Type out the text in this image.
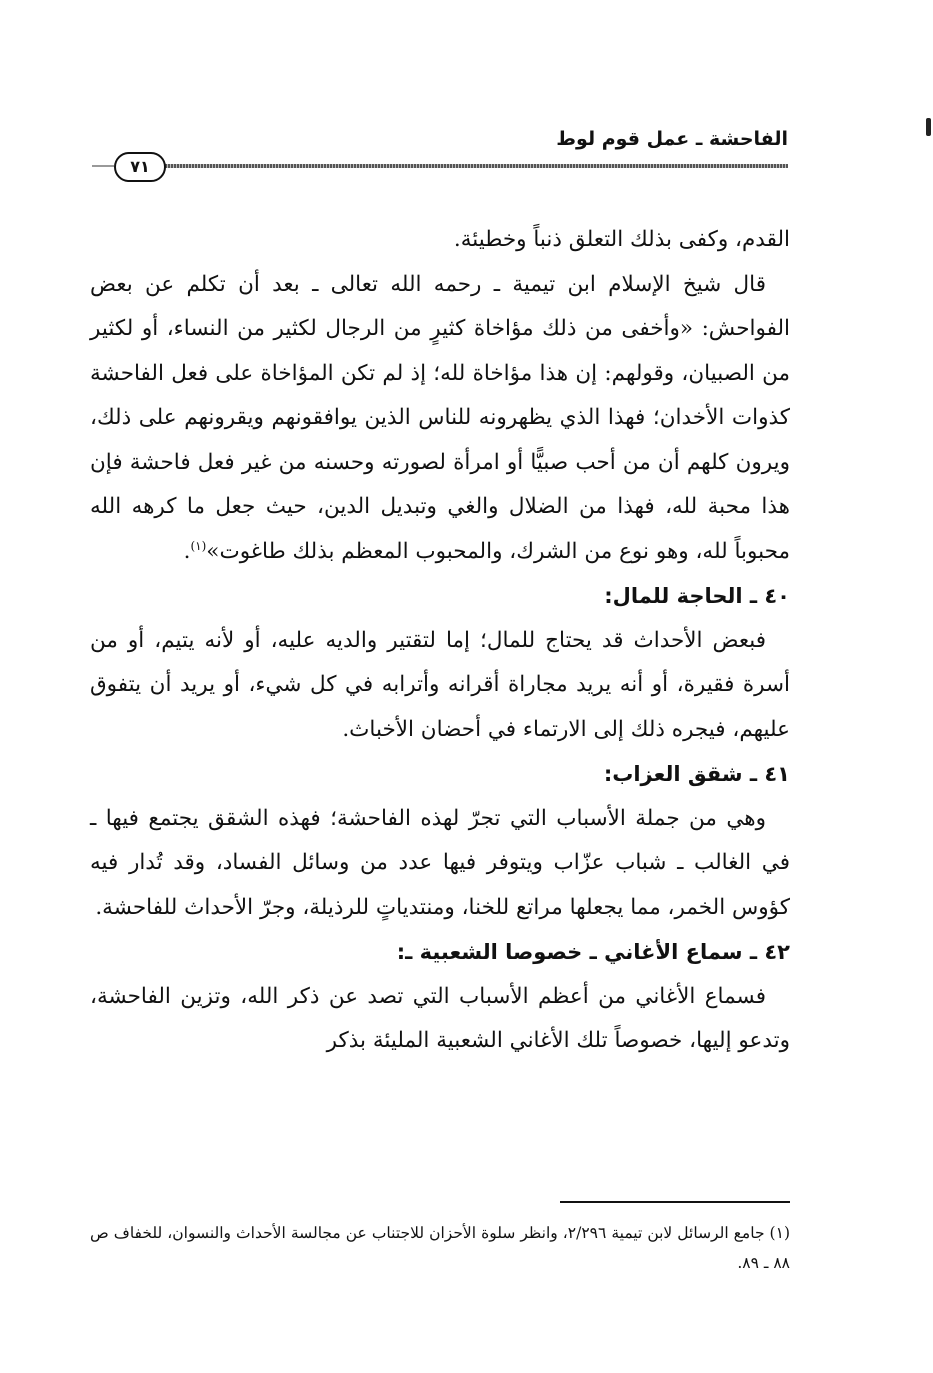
الفاحشة ـ عمل قوم لوط
٧١

القدم، وكفى بذلك التعلق ذنباً وخطيئة.

قال شيخ الإسلام ابن تيمية ـ رحمه الله تعالى ـ بعد أن تكلم عن بعض الفواحش: «وأخفى من ذلك مؤاخاة كثيرٍ من الرجال لكثير من النساء، أو لكثير من الصبيان، وقولهم: إن هذا مؤاخاة لله؛ إذ لم تكن المؤاخاة على فعل الفاحشة كذوات الأخدان؛ فهذا الذي يظهرونه للناس الذين يوافقونهم ويقرونهم على ذلك، ويرون كلهم أن من أحب صبيًّا أو امرأة لصورته وحسنه من غير فعل فاحشة فإن هذا محبة لله، فهذا من الضلال والغي وتبديل الدين، حيث جعل ما كرهه الله محبوباً لله، وهو نوع من الشرك، والمحبوب المعظم بذلك طاغوت»$^{(١)}$.

٤٠ ـ الحاجة للمال:

فبعض الأحداث قد يحتاج للمال؛ إما لتقتير والديه عليه، أو لأنه يتيم، أو من أسرة فقيرة، أو أنه يريد مجاراة أقرانه وأترابه في كل شيء، أو يريد أن يتفوق عليهم، فيجره ذلك إلى الارتماء في أحضان الأخباث.

٤١ ـ شقق العزاب:

وهي من جملة الأسباب التي تجرّ لهذه الفاحشة؛ فهذه الشقق يجتمع فيها ـ في الغالب ـ شباب عزّاب ويتوفر فيها عدد من وسائل الفساد، وقد تُدار فيه كؤوس الخمر، مما يجعلها مراتع للخنا، ومنتدياتٍ للرذيلة، وجرّ الأحداث للفاحشة.

٤٢ ـ سماع الأغاني ـ خصوصا الشعبية ـ:

فسماع الأغاني من أعظم الأسباب التي تصد عن ذكر الله، وتزين الفاحشة، وتدعو إليها، خصوصاً تلك الأغاني الشعبية المليئة بذكر

(١) جامع الرسائل لابن تيمية ٢/٢٩٦، وانظر سلوة الأحزان للاجتناب عن مجالسة الأحداث والنسوان، للخفاف ص ٨٨ ـ ٨٩.
